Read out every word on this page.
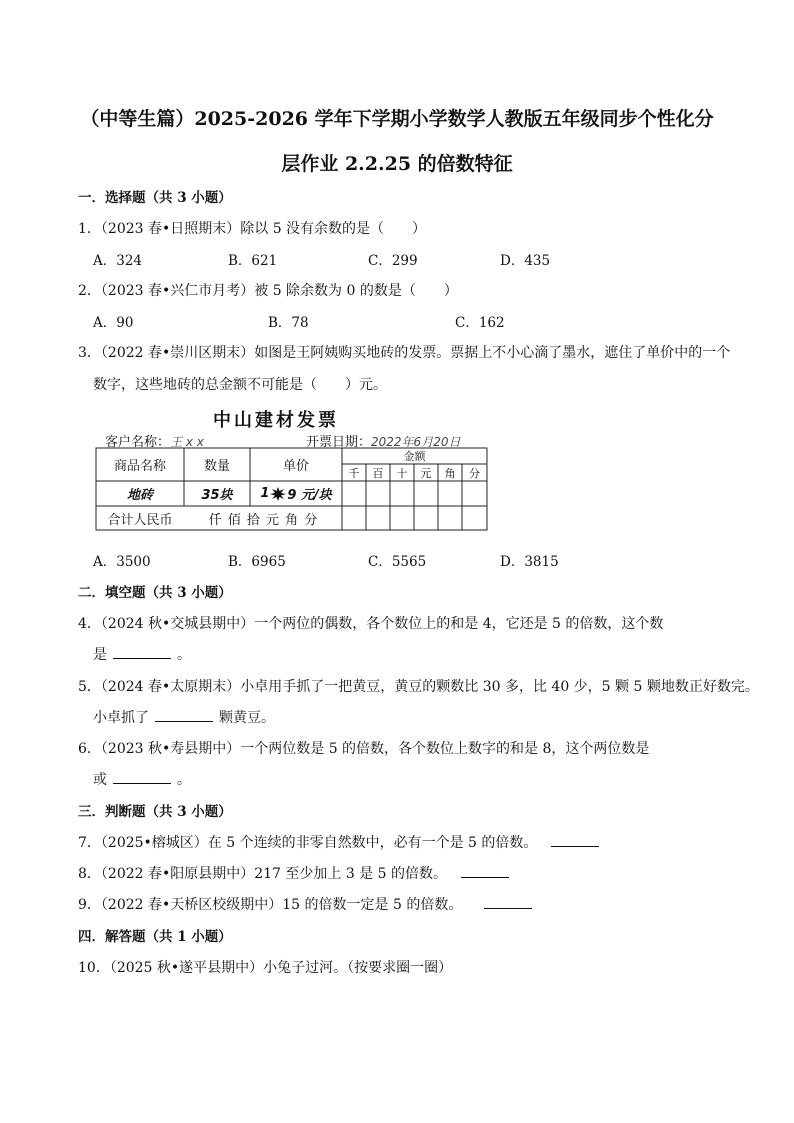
（中等生篇）2025-2026 学年下学期小学数学人教版五年级同步个性化分
层作业 2.2.25 的倍数特征
一．选择题（共 3 小题）
1．（2023 春•日照期末）除以 5 没有余数的是（　　）
A．324	B．621	C．299	D．435
2．（2023 春•兴仁市月考）被 5 除余数为 0 的数是（　　）
A．90	B．78	C．162
3．（2022 春•崇川区期末）如图是王阿姨购买地砖的发票。票据上不小心滴了墨水，遮住了单价中的一个
数字，这些地砖的总金额不可能是（　　）元。
中山建材发票
客户名称：王 x x	开票日期：2022年6月20日
商品名称	数量	单价
金额
千	百	十	元	角	分
地砖	35块	1 9 元/块
合计人民币	仟 佰 拾 元 角 分
A．3500	B．6965	C．5565	D．3815
二．填空题（共 3 小题）
4．（2024 秋•交城县期中）一个两位的偶数，各个数位上的和是 4，它还是 5 的倍数，这个数
是	。
5．（2024 春•太原期末）小卓用手抓了一把黄豆，黄豆的颗数比 30 多，比 40 少，5 颗 5 颗地数正好数完。
小卓抓了	颗黄豆。
6．（2023 秋•寿县期中）一个两位数是 5 的倍数，各个数位上数字的和是 8，这个两位数是
或	。
三．判断题（共 3 小题）
7．（2025•榕城区）在 5 个连续的非零自然数中，必有一个是 5 的倍数。
8．（2022 春•阳原县期中）217 至少加上 3 是 5 的倍数。
9．（2022 春•天桥区校级期中）15 的倍数一定是 5 的倍数。
四．解答题（共 1 小题）
10．（2025 秋•遂平县期中）小兔子过河。（按要求圈一圈）
